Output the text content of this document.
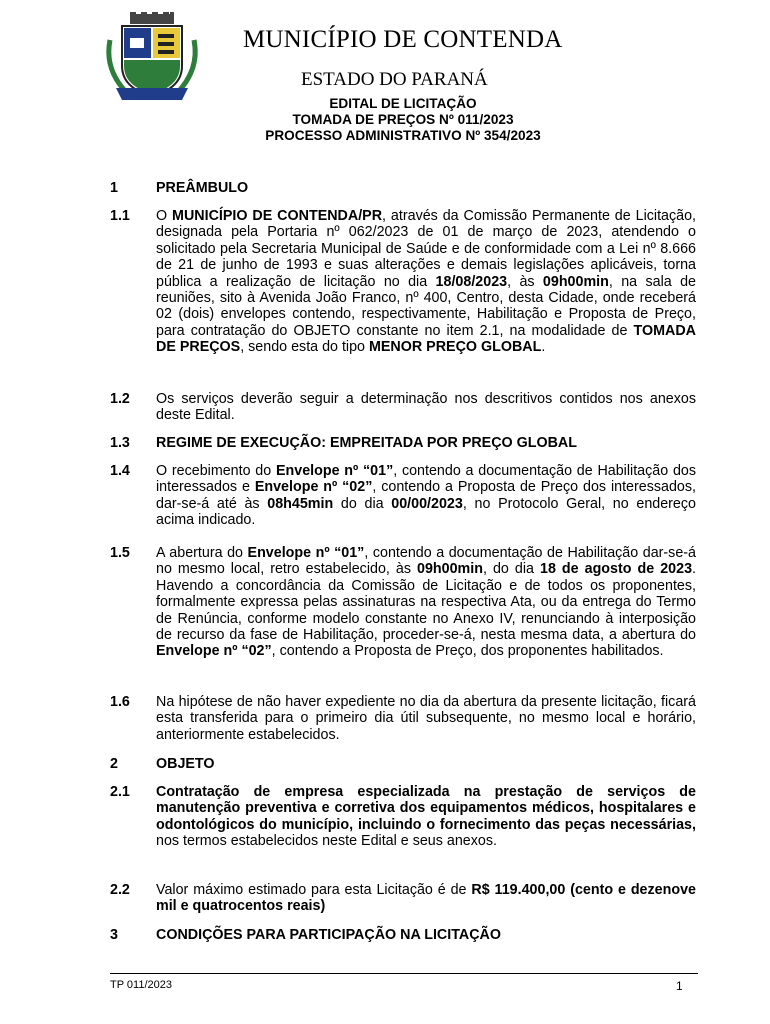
MUNICÍPIO DE CONTENDA
ESTADO DO PARANÁ
EDITAL DE LICITAÇÃO
TOMADA DE PREÇOS Nº 011/2023
PROCESSO ADMINISTRATIVO Nº 354/2023
1	PREÂMBULO
1.1 O MUNICÍPIO DE CONTENDA/PR, através da Comissão Permanente de Licitação, designada pela Portaria nº 062/2023 de 01 de março de 2023, atendendo o solicitado pela Secretaria Municipal de Saúde e de conformidade com a Lei nº 8.666 de 21 de junho de 1993 e suas alterações e demais legislações aplicáveis, torna pública a realização de licitação no dia 18/08/2023, às 09h00min, na sala de reuniões, sito à Avenida João Franco, nº 400, Centro, desta Cidade, onde receberá 02 (dois) envelopes contendo, respectivamente, Habilitação e Proposta de Preço, para contratação do OBJETO constante no item 2.1, na modalidade de TOMADA DE PREÇOS, sendo esta do tipo MENOR PREÇO GLOBAL.
1.2 Os serviços deverão seguir a determinação nos descritivos contidos nos anexos deste Edital.
1.3 REGIME DE EXECUÇÃO: EMPREITADA POR PREÇO GLOBAL
1.4 O recebimento do Envelope nº “01”, contendo a documentação de Habilitação dos interessados e Envelope nº “02”, contendo a Proposta de Preço dos interessados, dar-se-á até às 08h45min do dia 00/00/2023, no Protocolo Geral, no endereço acima indicado.
1.5 A abertura do Envelope nº “01”, contendo a documentação de Habilitação dar-se-á no mesmo local, retro estabelecido, às 09h00min, do dia 18 de agosto de 2023. Havendo a concordância da Comissão de Licitação e de todos os proponentes, formalmente expressa pelas assinaturas na respectiva Ata, ou da entrega do Termo de Renúncia, conforme modelo constante no Anexo IV, renunciando à interposição de recurso da fase de Habilitação, proceder-se-á, nesta mesma data, a abertura do Envelope nº “02”, contendo a Proposta de Preço, dos proponentes habilitados.
1.6 Na hipótese de não haver expediente no dia da abertura da presente licitação, ficará esta transferida para o primeiro dia útil subsequente, no mesmo local e horário, anteriormente estabelecidos.
2	OBJETO
2.1 Contratação de empresa especializada na prestação de serviços de manutenção preventiva e corretiva dos equipamentos médicos, hospitalares e odontológicos do município, incluindo o fornecimento das peças necessárias, nos termos estabelecidos neste Edital e seus anexos.
2.2 Valor máximo estimado para esta Licitação é de R$ 119.400,00 (cento e dezenove mil e quatrocentos reais)
3	CONDIÇÕES PARA PARTICIPAÇÃO NA LICITAÇÃO
TP 011/2023	1
